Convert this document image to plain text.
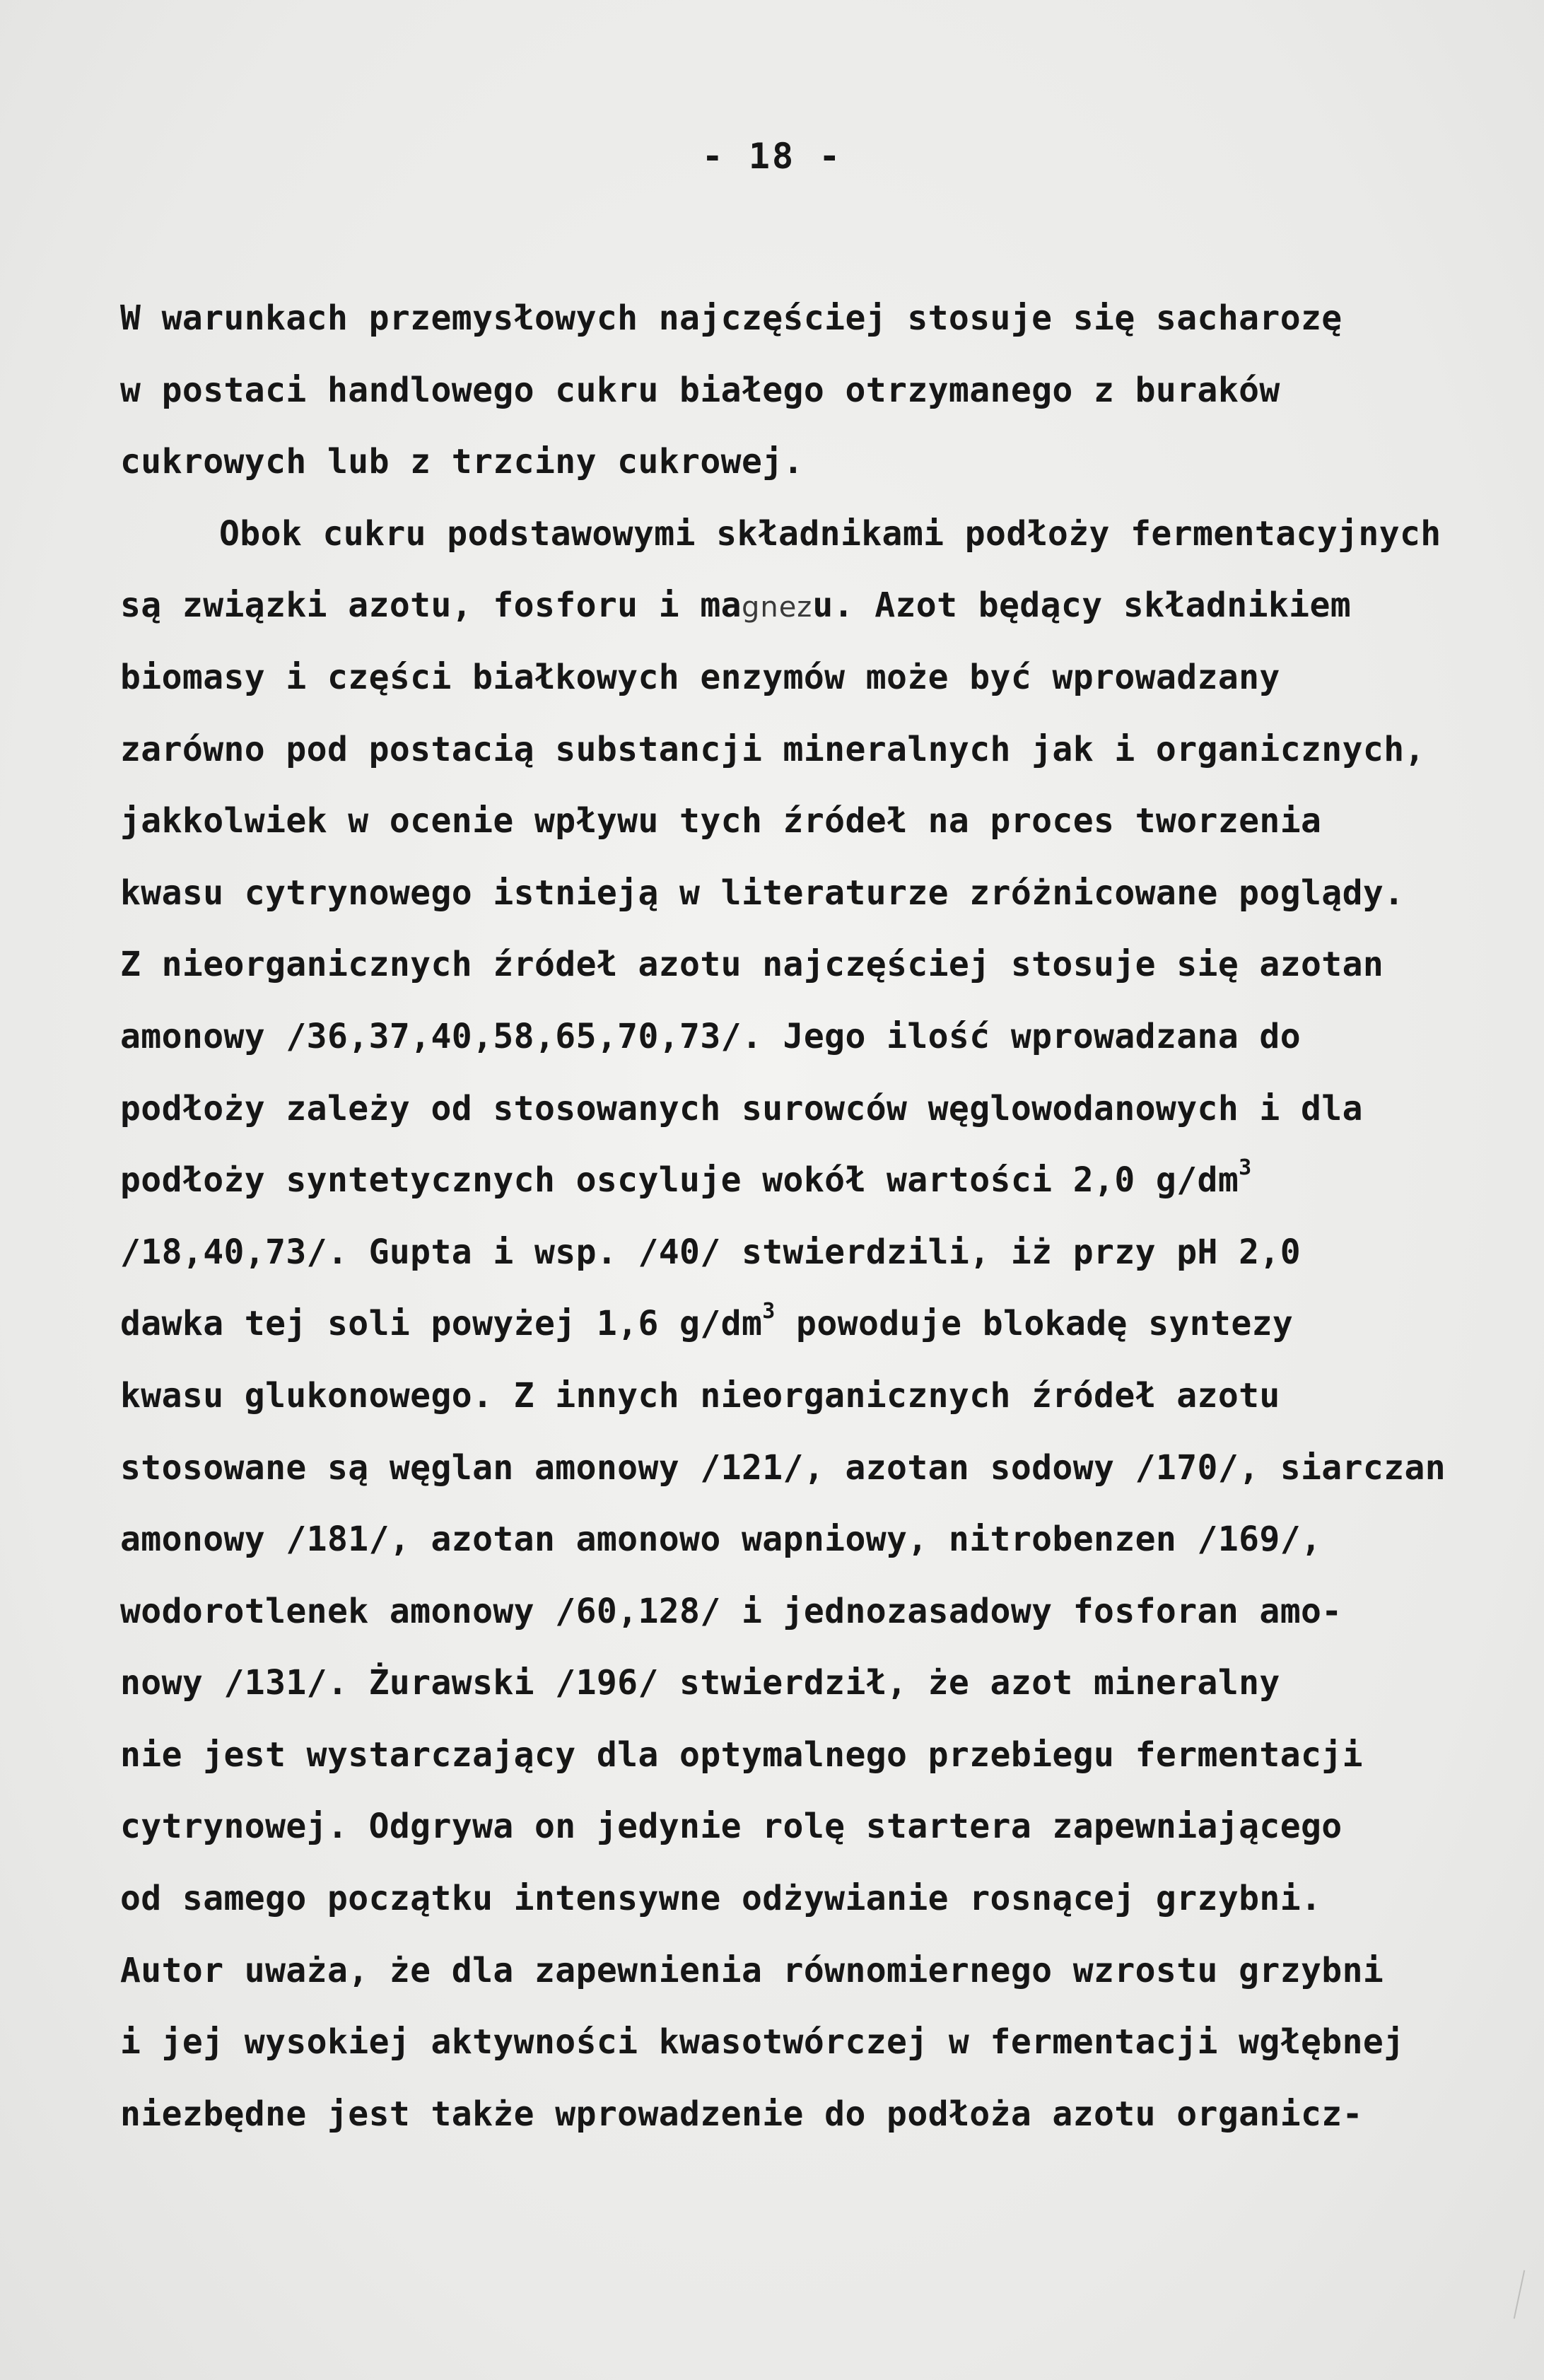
- 18 -
W warunkach przemysłowych najczęściej stosuje się sacharozę
w postaci handlowego cukru białego otrzymanego z buraków
cukrowych lub z trzciny cukrowej.
Obok cukru podstawowymi składnikami podłoży fermentacyjnych
są związki azotu, fosforu i magnezu. Azot będący składnikiem
biomasy i części białkowych enzymów może być wprowadzany
zarówno pod postacią substancji mineralnych jak i organicznych,
jakkolwiek w ocenie wpływu tych źródeł na proces tworzenia
kwasu cytrynowego istnieją w literaturze zróżnicowane poglądy.
Z nieorganicznych źródeł azotu najczęściej stosuje się azotan
amonowy /36,37,40,58,65,70,73/. Jego ilość wprowadzana do
podłoży zależy od stosowanych surowców węglowodanowych i dla
podłoży syntetycznych oscyluje wokół wartości 2,0 $g/dm^3$
/18,40,73/. Gupta i wsp. /40/ stwierdzili, iż przy pH 2,0
dawka tej soli powyżej 1,6 $g/dm^3$ powoduje blokadę syntezy
kwasu glukonowego. Z innych nieorganicznych źródeł azotu
stosowane są węglan amonowy /121/, azotan sodowy /170/, siarczan
amonowy /181/, azotan amonowo wapniowy, nitrobenzen /169/,
wodorotlenek amonowy /60,128/ i jednozasadowy fosforan amo-
nowy /131/. Żurawski /196/ stwierdził, że azot mineralny
nie jest wystarczający dla optymalnego przebiegu fermentacji
cytrynowej. Odgrywa on jedynie rolę startera zapewniającego
od samego początku intensywne odżywianie rosnącej grzybni.
Autor uważa, że dla zapewnienia równomiernego wzrostu grzybni
i jej wysokiej aktywności kwasotwórczej w fermentacji wgłębnej
niezbędne jest także wprowadzenie do podłoża azotu organicz-
